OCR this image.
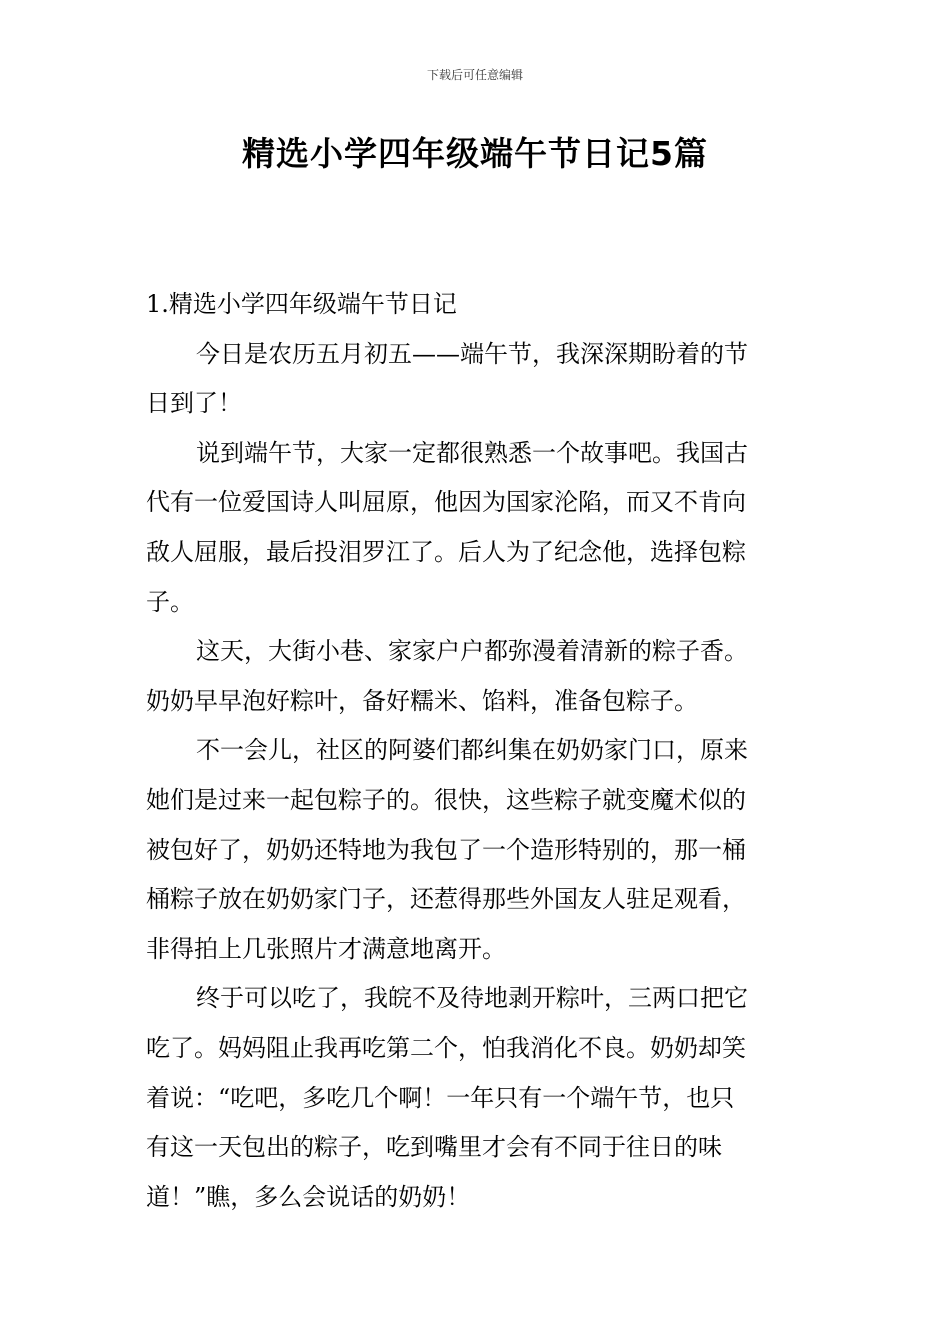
下载后可任意编辑
精选小学四年级端午节日记5篇
1.精选小学四年级端午节日记
今日是农历五月初五——端午节，我深深期盼着的节
日到了！
说到端午节，大家一定都很熟悉一个故事吧。我国古
代有一位爱国诗人叫屈原，他因为国家沦陷，而又不肯向
敌人屈服，最后投泪罗江了。后人为了纪念他，选择包粽
子。
这天，大街小巷、家家户户都弥漫着清新的粽子香。
奶奶早早泡好粽叶，备好糯米、馅料，准备包粽子。
不一会儿，社区的阿婆们都纠集在奶奶家门口，原来
她们是过来一起包粽子的。很快，这些粽子就变魔术似的
被包好了，奶奶还特地为我包了一个造形特别的，那一桶
桶粽子放在奶奶家门子，还惹得那些外国友人驻足观看，
非得拍上几张照片才满意地离开。
终于可以吃了，我皖不及待地剥开粽叶，三两口把它
吃了。妈妈阻止我再吃第二个，怕我消化不良。奶奶却笑
着说：“吃吧，多吃几个啊！一年只有一个端午节，也只
有这一天包出的粽子，吃到嘴里才会有不同于往日的味
道！”瞧，多么会说话的奶奶！
